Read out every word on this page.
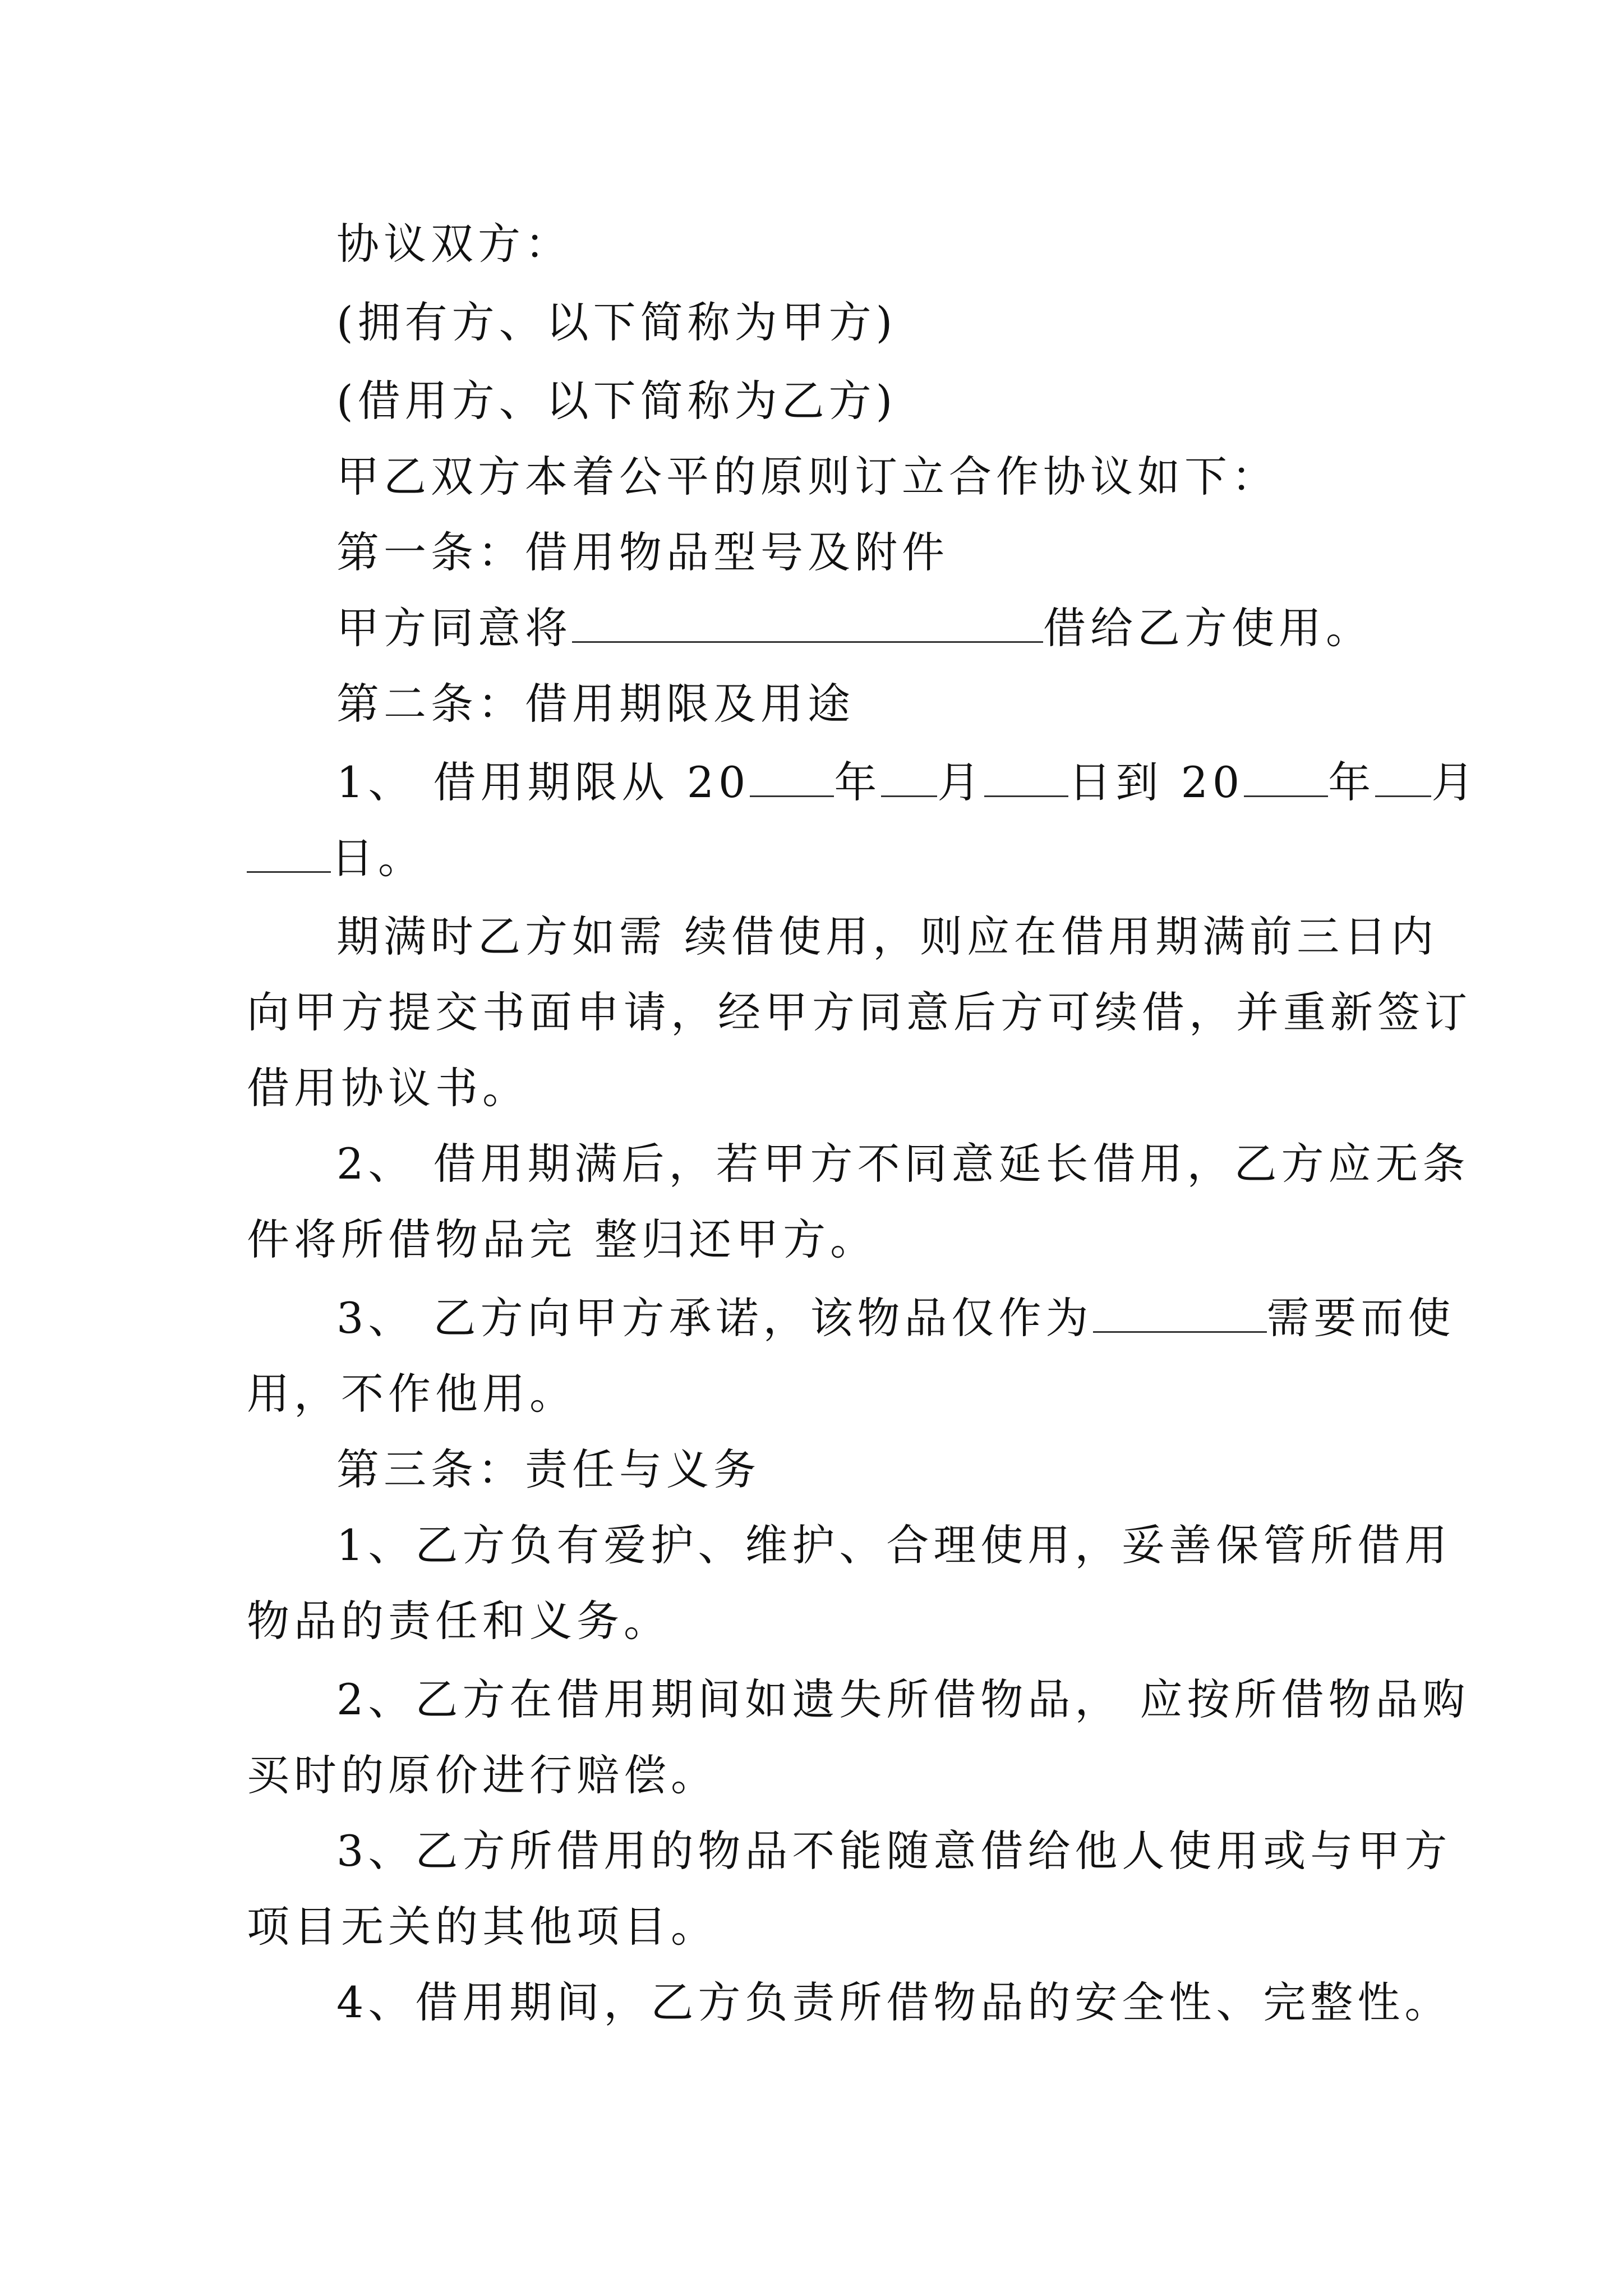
协议双方：
(拥有方、以下简称为甲方)
(借用方、以下简称为乙方)
甲乙双方本着公平的原则订立合作协议如下：
第一条：借用物品型号及附件
甲方同意将	借给乙方使用。
第二条：借用期限及用途
1、 借用期限从 20 年 月 日到 20 年 月
日。
期满时乙方如需 续借使用，则应在借用期满前三日内
向甲方提交书面申请，经甲方同意后方可续借，并重新签订
借用协议书。
2、 借用期满后，若甲方不同意延长借用，乙方应无条
件将所借物品完 整归还甲方。
3、 乙方向甲方承诺，该物品仅作为	需要而使
用，不作他用。
第三条：责任与义务
1、乙方负有爱护、维护、合理使用，妥善保管所借用
物品的责任和义务。
2、乙方在借用期间如遗失所借物品， 应按所借物品购
买时的原价进行赔偿。
3、乙方所借用的物品不能随意借给他人使用或与甲方
项目无关的其他项目。
4、借用期间，乙方负责所借物品的安全性、完整性。
